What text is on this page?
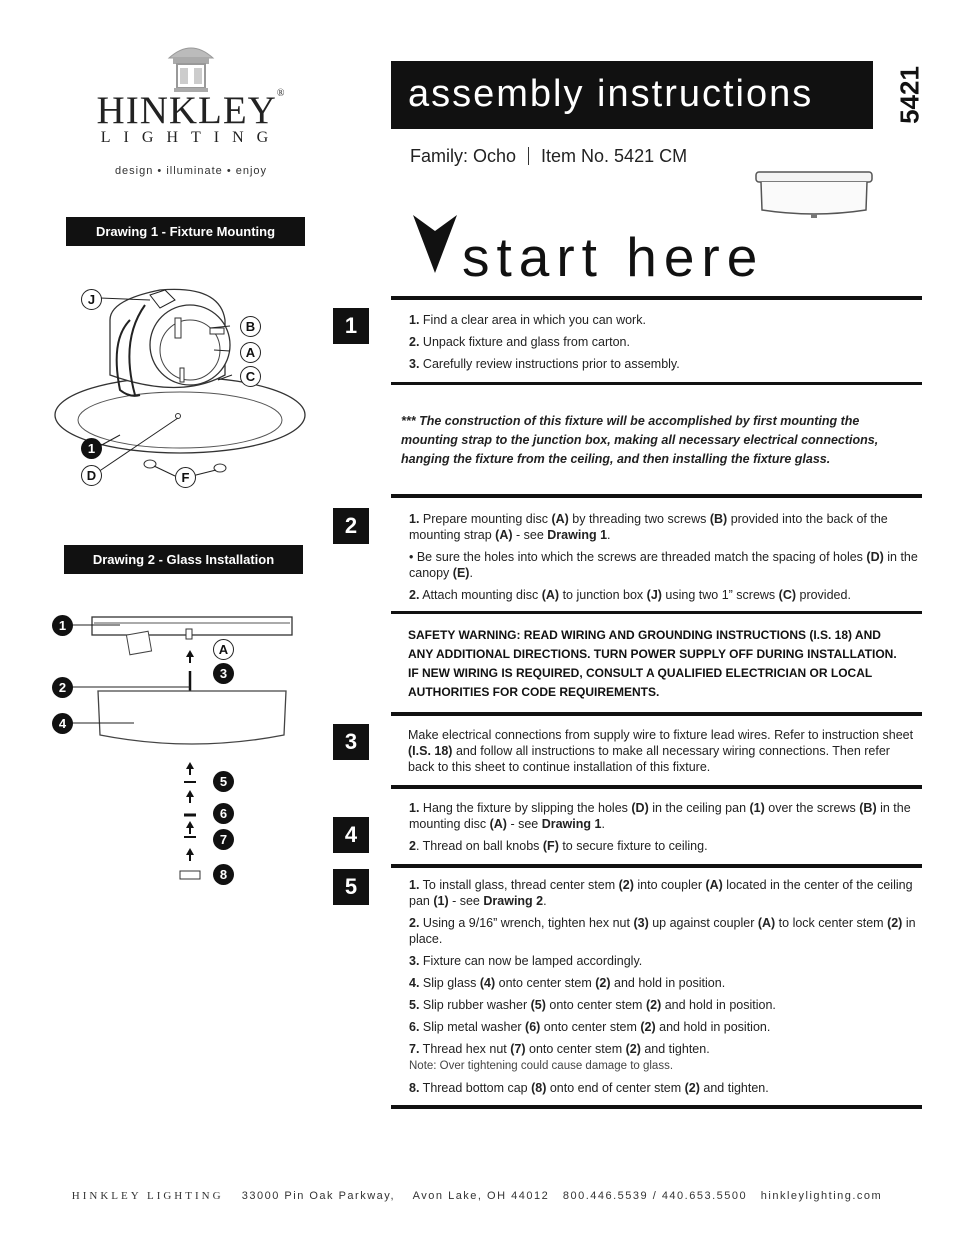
HINKLEY®
LIGHTING
design • illuminate • enjoy
assembly instructions	5421
Family: Ocho Item No. 5421 CM
start here
Drawing 1 - Fixture Mounting
J
B
A
C
1
D	F
Drawing 2 - Glass Installation
1
A
3
2
4
5
6
7
8
1	1. Find a clear area in which you can work.

2. Unpack fixture and glass from carton.

3. Carefully review instructions prior to assembly.

*** The construction of this fixture will be accomplished by first mounting the mounting strap to the junction box, making all necessary electrical connections, hanging the fixture from the ceiling, and then installing the fixture glass.
2	1. Prepare mounting disc (A) by threading two screws (B) provided into the back of the mounting strap (A) - see Drawing 1.

• Be sure the holes into which the screws are threaded match the spacing of holes (D) in the canopy (E).

2. Attach mounting disc (A) to junction box (J) using two 1” screws (C) provided.

SAFETY WARNING: READ WIRING AND GROUNDING INSTRUCTIONS (I.S. 18) AND ANY ADDITIONAL DIRECTIONS. TURN POWER SUPPLY OFF DURING INSTALLATION. IF NEW WIRING IS REQUIRED, CONSULT A QUALIFIED ELECTRICIAN OR LOCAL AUTHORITIES FOR CODE REQUIREMENTS.
3	Make electrical connections from supply wire to fixture lead wires. Refer to instruction sheet (I.S. 18) and follow all instructions to make all necessary wiring connections. Then refer back to this sheet to continue installation of this fixture.

4

1. Hang the fixture by slipping the holes (D) in the ceiling pan (1) over the screws (B) in the mounting disc (A) - see Drawing 1.

2. Thread on ball knobs (F) to secure fixture to ceiling.

5	1. To install glass, thread center stem (2) into coupler (A) located in the center of the ceiling pan (1) - see Drawing 2.

2. Using a 9/16” wrench, tighten hex nut (3) up against coupler (A) to lock center stem (2) in place.

3. Fixture can now be lamped accordingly.

4. Slip glass (4) onto center stem (2) and hold in position.

5. Slip rubber washer (5) onto center stem (2) and hold in position.

6. Slip metal washer (6) onto center stem (2) and hold in position.

7. Thread hex nut (7) onto center stem (2) and tighten.
Note: Over tightening could cause damage to glass.

8. Thread bottom cap (8) onto end of center stem (2) and tighten.

HINKLEY LIGHTING 33000 Pin Oak Parkway, Avon Lake, OH 44012 800.446.5539 / 440.653.5500 hinkleylighting.com
